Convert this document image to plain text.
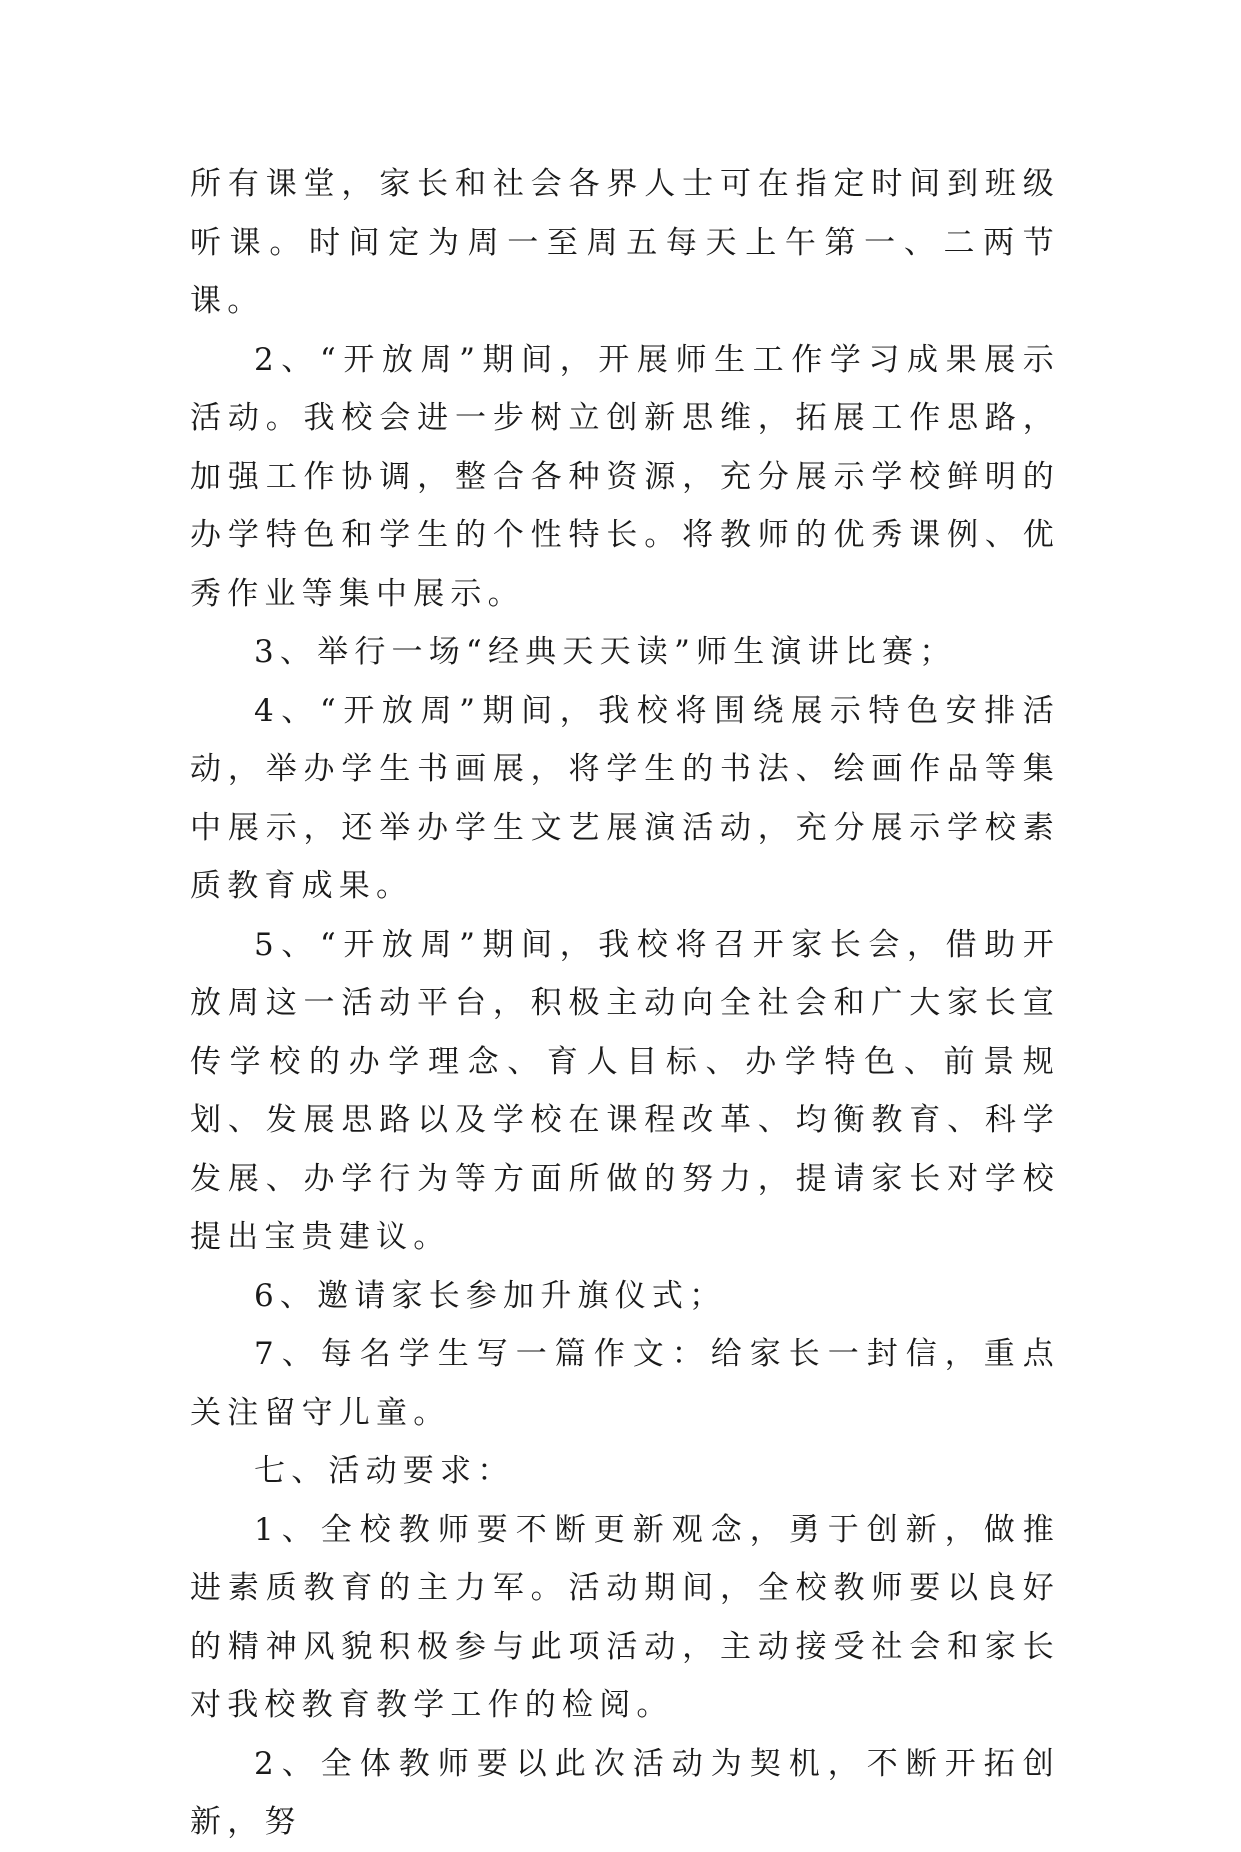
所有课堂，家长和社会各界人士可在指定时间到班级听课。时间定为周一至周五每天上午第一、二两节课。

2、“开放周”期间，开展师生工作学习成果展示活动。我校会进一步树立创新思维，拓展工作思路，加强工作协调，整合各种资源，充分展示学校鲜明的办学特色和学生的个性特长。将教师的优秀课例、优秀作业等集中展示。

3、举行一场“经典天天读”师生演讲比赛；

4、“开放周”期间，我校将围绕展示特色安排活动，举办学生书画展，将学生的书法、绘画作品等集中展示，还举办学生文艺展演活动，充分展示学校素质教育成果。

5、“开放周”期间，我校将召开家长会，借助开放周这一活动平台，积极主动向全社会和广大家长宣传学校的办学理念、育人目标、办学特色、前景规划、发展思路以及学校在课程改革、均衡教育、科学发展、办学行为等方面所做的努力，提请家长对学校提出宝贵建议。

6、邀请家长参加升旗仪式；

7、每名学生写一篇作文：给家长一封信，重点关注留守儿童。

七、活动要求：

1、全校教师要不断更新观念，勇于创新，做推进素质教育的主力军。活动期间，全校教师要以良好的精神风貌积极参与此项活动，主动接受社会和家长对我校教育教学工作的检阅。

2、全体教师要以此次活动为契机，不断开拓创新，努
